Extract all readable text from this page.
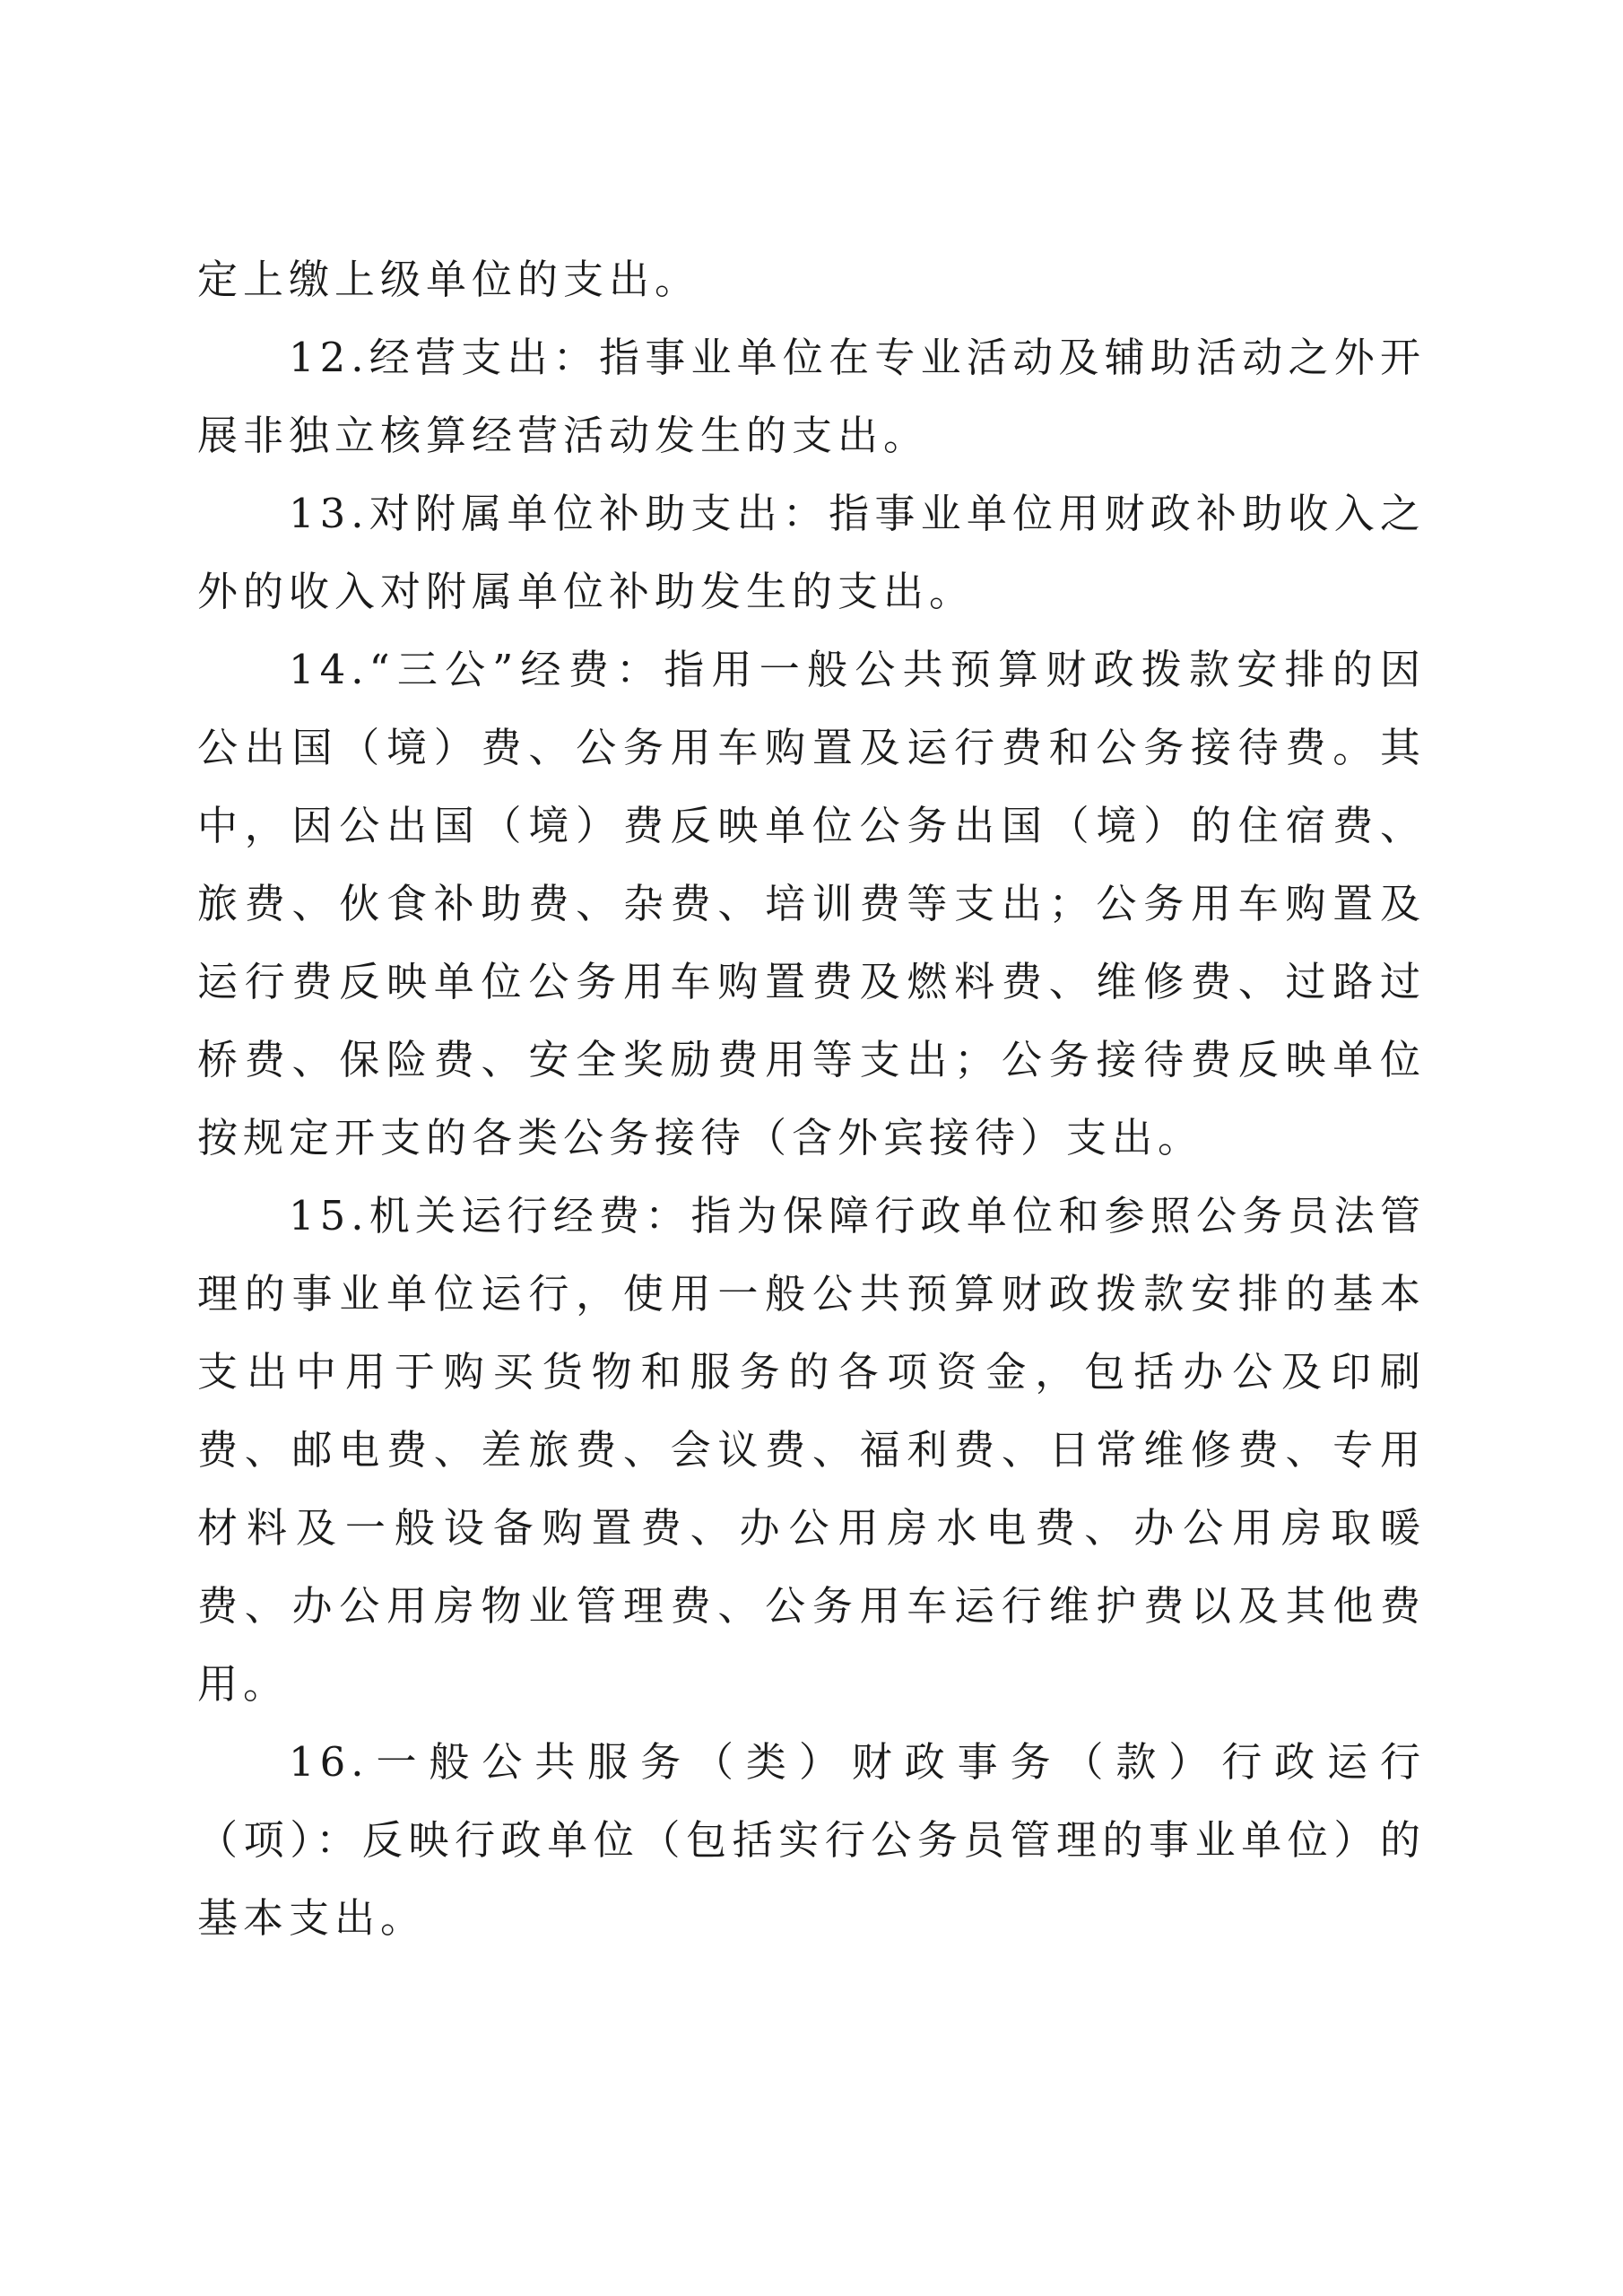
定上缴上级单位的支出。

12.经营支出：指事业单位在专业活动及辅助活动之外开展非独立核算经营活动发生的支出。

13.对附属单位补助支出：指事业单位用财政补助收入之外的收入对附属单位补助发生的支出。

14.“三公”经费：指用一般公共预算财政拨款安排的因公出国（境）费、公务用车购置及运行费和公务接待费。其中，因公出国（境）费反映单位公务出国（境）的住宿费、旅费、伙食补助费、杂费、培训费等支出；公务用车购置及运行费反映单位公务用车购置费及燃料费、维修费、过路过桥费、保险费、安全奖励费用等支出；公务接待费反映单位按规定开支的各类公务接待（含外宾接待）支出。

15.机关运行经费：指为保障行政单位和参照公务员法管理的事业单位运行，使用一般公共预算财政拨款安排的基本支出中用于购买货物和服务的各项资金，包括办公及印刷费、邮电费、差旅费、会议费、福利费、日常维修费、专用材料及一般设备购置费、办公用房水电费、办公用房取暖费、办公用房物业管理费、公务用车运行维护费以及其他费用。

16.一般公共服务（类）财政事务（款）行政运行（项）：反映行政单位（包括实行公务员管理的事业单位）的基本支出。
